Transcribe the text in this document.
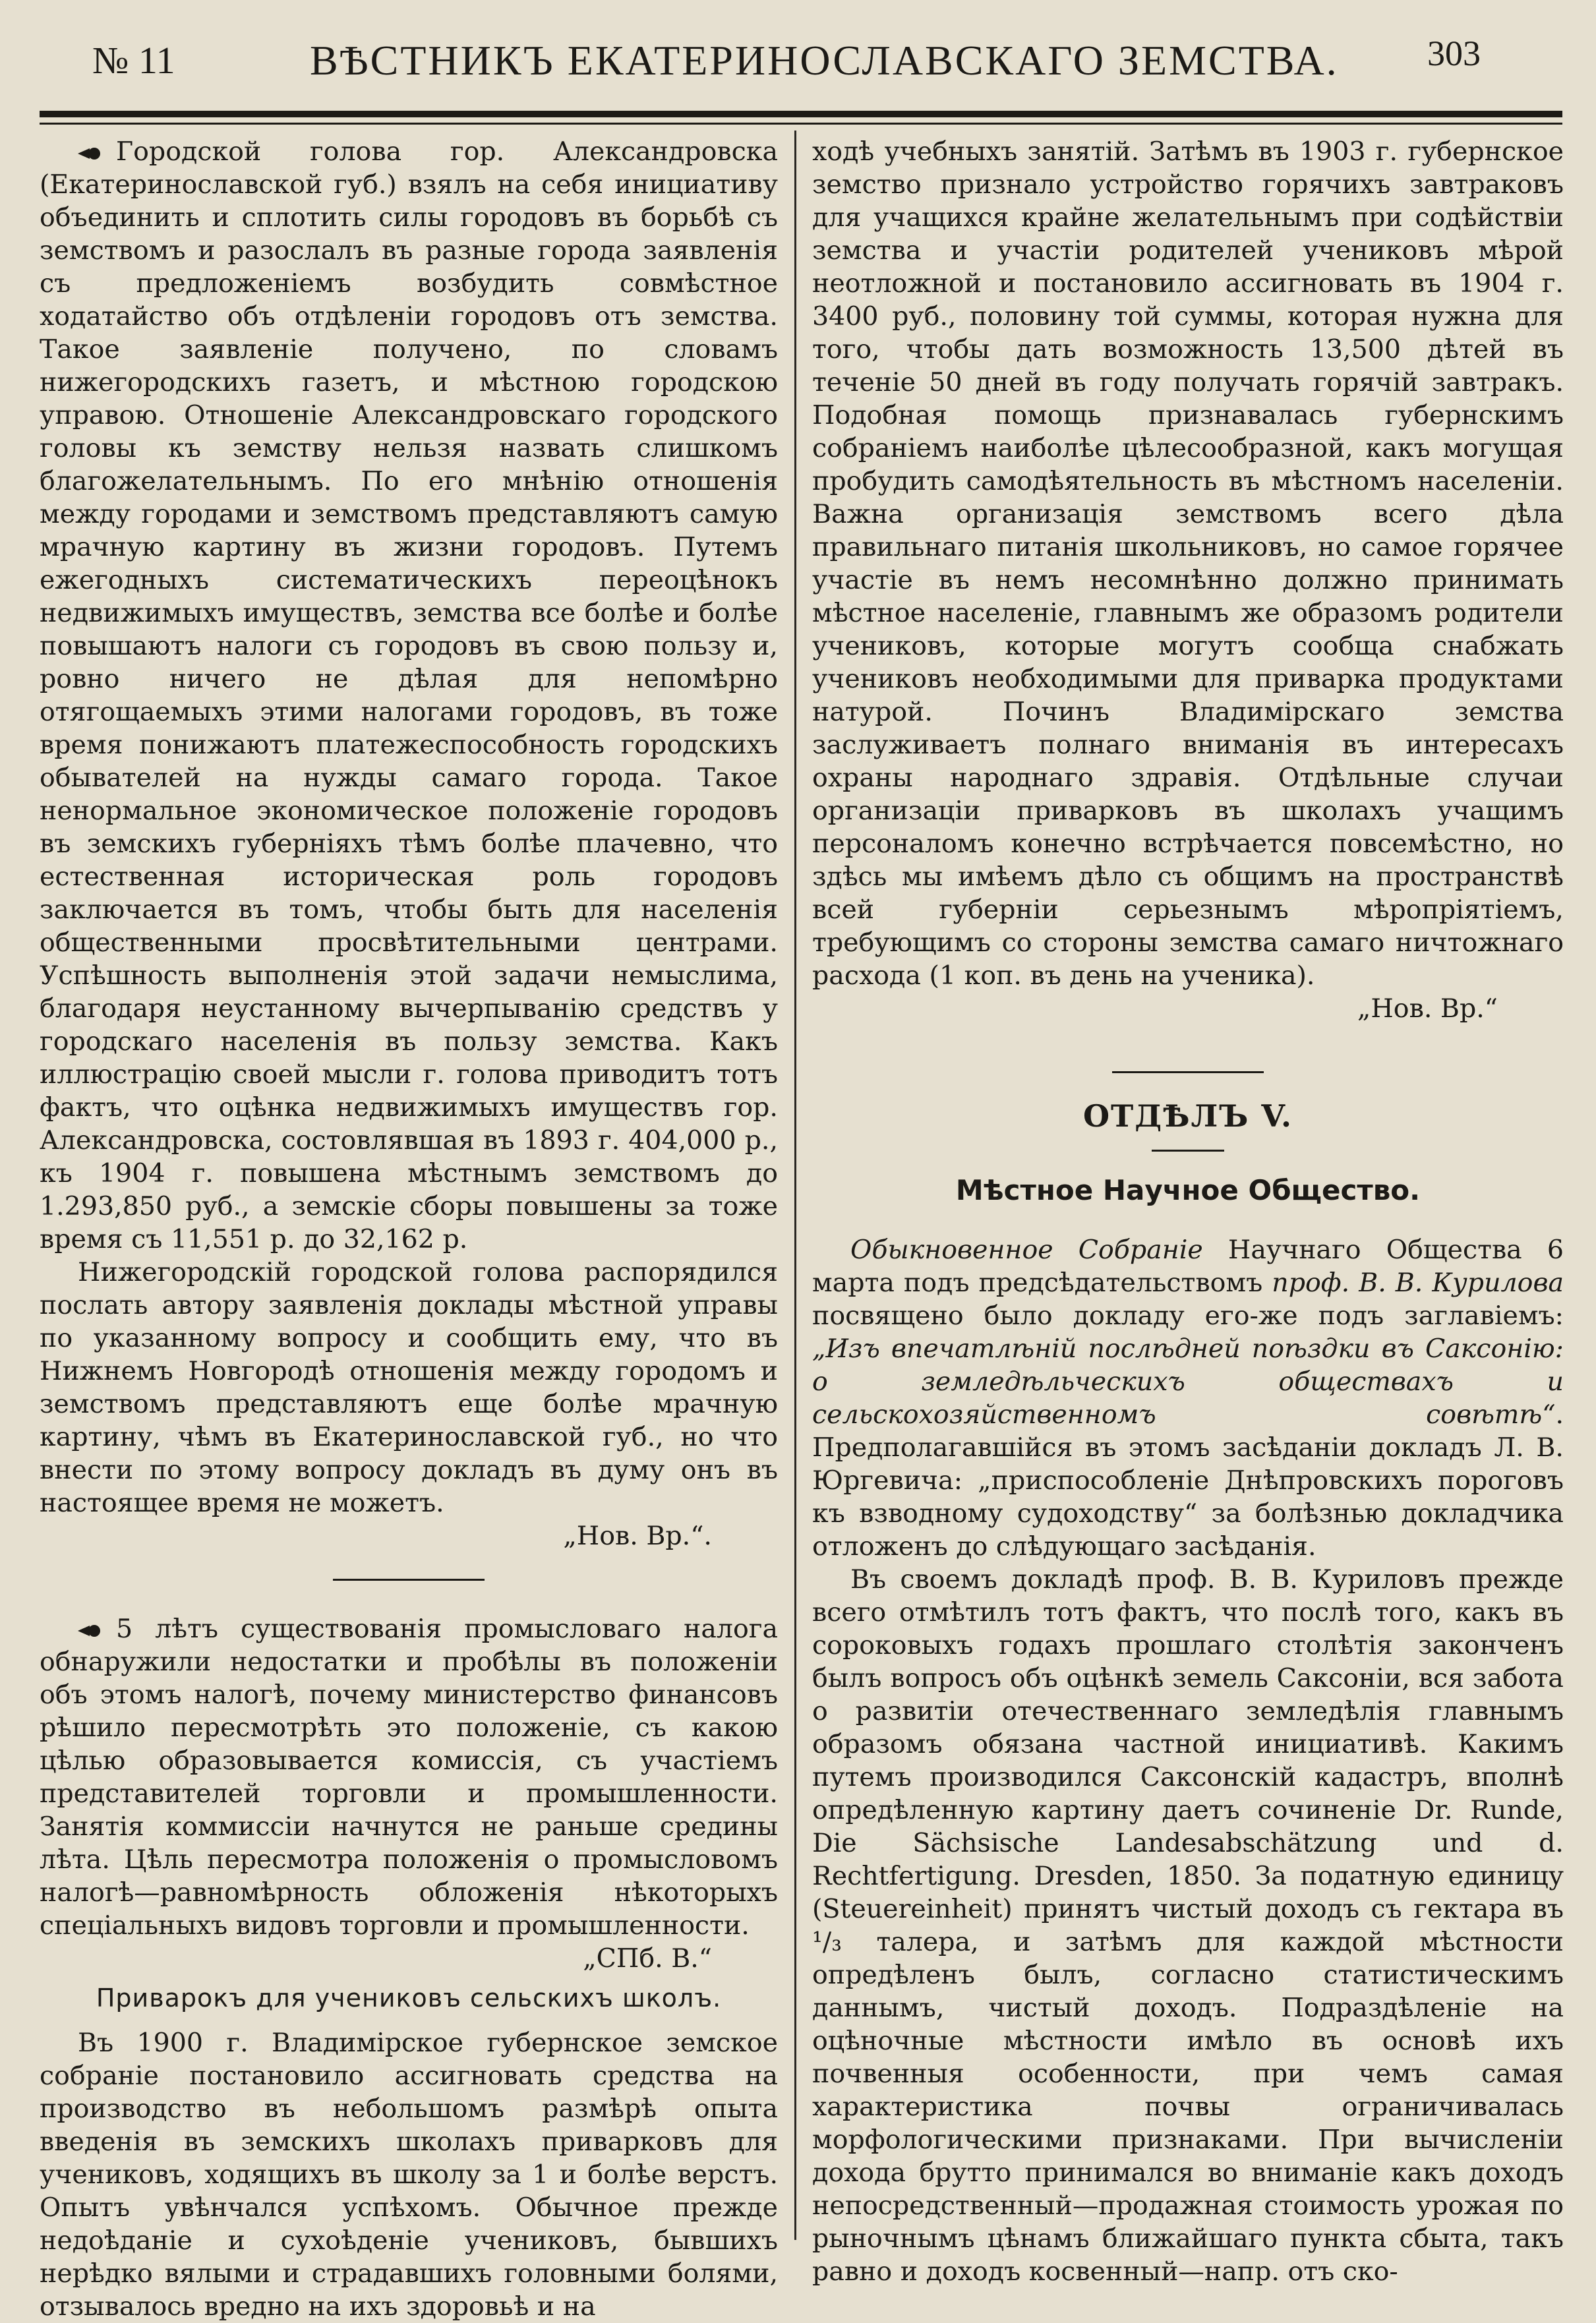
№ 11	ВѢСТНИКЪ ЕКАТЕРИНОСЛАВСКАГО ЗЕМСТВА. 303

Городской голова гор. Александровска (Екатеринославской губ.) взялъ на себя инициативу объединить и сплотить силы городовъ въ борьбѣ съ земствомъ и разослалъ въ разные города заявленія съ предложеніемъ возбудить совмѣстное ходатайство объ отдѣленіи городовъ отъ земства. Такое заявленіе получено, по словамъ нижегородскихъ газетъ, и мѣстною городскою управою. Отношеніе Александровскаго городского головы къ земству нельзя назвать слишкомъ благожелательнымъ. По его мнѣнію отношенія между городами и земствомъ представляютъ самую мрачную картину въ жизни городовъ. Путемъ ежегодныхъ систематическихъ переоцѣнокъ недвижимыхъ имуществъ, земства все болѣе и болѣе повышаютъ налоги съ городовъ въ свою пользу и, ровно ничего не дѣлая для непомѣрно отягощаемыхъ этими налогами городовъ, въ тоже время понижаютъ платежеспособность городскихъ обывателей на нужды самаго города. Такое ненормальное экономическое положеніе городовъ въ земскихъ губерніяхъ тѣмъ болѣе плачевно, что естественная историческая роль городовъ заключается въ томъ, чтобы быть для населенія общественными просвѣтительными центрами. Успѣшность выполненія этой задачи немыслима, благодаря неустанному вычерпыванію средствъ у городскаго населенія въ пользу земства. Какъ иллюстрацію своей мысли г. голова приводитъ тотъ фактъ, что оцѣнка недвижимыхъ имуществъ гор. Александровска, состовлявшая въ 1893 г. 404,000 р., къ 1904 г. повышена мѣстнымъ земствомъ до 1.293,850 руб., а земскіе сборы повышены за тоже время съ 11,551 р. до 32,162 р.

Нижегородскій городской голова распорядился послать автору заявленія доклады мѣстной управы по указанному вопросу и сообщить ему, что въ Нижнемъ Новгородѣ отношенія между городомъ и земствомъ представляютъ еще болѣе мрачную картину, чѣмъ въ Екатеринославской губ., но что внести по этому вопросу докладъ въ думу онъ въ настоящее время не можетъ.

„Нов. Вр.“.

5 лѣтъ существованія промысловаго налога обнаружили недостатки и пробѣлы въ положеніи объ этомъ налогѣ, почему министерство финансовъ рѣшило пересмотрѣть это положеніе, съ какою цѣлью образовывается комиссія, съ участіемъ представителей торговли и промышленности. Занятія коммиссіи начнутся не раньше средины лѣта. Цѣль пересмотра положенія о промысловомъ налогѣ—равномѣрность обложенія нѣкоторыхъ спеціальныхъ видовъ торговли и промышленности.

„СПб. В.“
Приварокъ для учениковъ сельскихъ школъ.

Въ 1900 г. Владимірское губернское земское собраніе постановило ассигновать средства на производство въ небольшомъ размѣрѣ опыта введенія въ земскихъ школахъ приварковъ для учениковъ, ходящихъ въ школу за 1 и болѣе верстъ. Опытъ увѣнчался успѣхомъ. Обычное прежде недоѣданіе и сухоѣденіе учениковъ, бывшихъ нерѣдко вялыми и страдавшихъ головными болями, отзывалось вредно на ихъ здоровьѣ и на

ходѣ учебныхъ занятій. Затѣмъ въ 1903 г. губернское земство признало устройство горячихъ завтраковъ для учащихся крайне желательнымъ при содѣйствіи земства и участіи родителей учениковъ мѣрой неотложной и постановило ассигновать въ 1904 г. 3400 руб., половину той суммы, которая нужна для того, чтобы дать возможность 13,500 дѣтей въ теченіе 50 дней въ году получать горячій завтракъ. Подобная помощь признавалась губернскимъ собраніемъ наиболѣе цѣлесообразной, какъ могущая пробудить самодѣятельность въ мѣстномъ населеніи. Важна организація земствомъ всего дѣла правильнаго питанія школьниковъ, но самое горячее участіе въ немъ несомнѣнно должно принимать мѣстное населеніе, главнымъ же образомъ родители учениковъ, которые могутъ сообща снабжать учениковъ необходимыми для приварка продуктами натурой. Починъ Владимірскаго земства заслуживаетъ полнаго вниманія въ интересахъ охраны народнаго здравія. Отдѣльные случаи организаціи приварковъ въ школахъ учащимъ персоналомъ конечно встрѣчается повсемѣстно, но здѣсь мы имѣемъ дѣло съ общимъ на пространствѣ всей губерніи серьезнымъ мѣропріятіемъ, требующимъ со стороны земства самаго ничтожнаго расхода (1 коп. въ день на ученика).

„Нов. Вр.“
ОТДѢЛЪ V.
Мѣстное Научное Общество.

Обыкновенное Собраніе Научнаго Общества 6 марта подъ предсѣдательствомъ проф. В. В. Курилова посвящено было докладу его-же подъ заглавіемъ: „Изъ впечатлѣній послѣдней поѣздки въ Саксонію: о земледѣльческихъ обществахъ и сельскохозяйственномъ совѣтѣ“. Предполагавшійся въ этомъ засѣданіи докладъ Л. В. Юргевича: „приспособленіе Днѣпровскихъ пороговъ къ взводному судоходству“ за болѣзнью докладчика отложенъ до слѣдующаго засѣданія.

Въ своемъ докладѣ проф. В. В. Куриловъ прежде всего отмѣтилъ тотъ фактъ, что послѣ того, какъ въ сороковыхъ годахъ прошлаго столѣтія законченъ былъ вопросъ объ оцѣнкѣ земель Саксоніи, вся забота о развитіи отечественнаго земледѣлія главнымъ образомъ обязана частной инициативѣ. Какимъ путемъ производился Саксонскій кадастръ, вполнѣ опредѣленную картину даетъ сочиненіе Dr. Runde, Die Sächsische Landesabschätzung und d. Rechtfertigung. Dresden, 1850. За податную единицу (Steuereinheit) принятъ чистый доходъ съ гектара въ ¹/₃ талера, и затѣмъ для каждой мѣстности опредѣленъ былъ, согласно статистическимъ даннымъ, чистый доходъ. Подраздѣленіе на оцѣночные мѣстности имѣло въ основѣ ихъ почвенныя особенности, при чемъ самая характеристика почвы ограничивалась морфологическими признаками. При вычисленіи дохода брутто принимался во вниманіе какъ доходъ непосредственный—продажная стоимость урожая по рыночнымъ цѣнамъ ближайшаго пункта сбыта, такъ равно и доходъ косвенный—напр. отъ ско-
